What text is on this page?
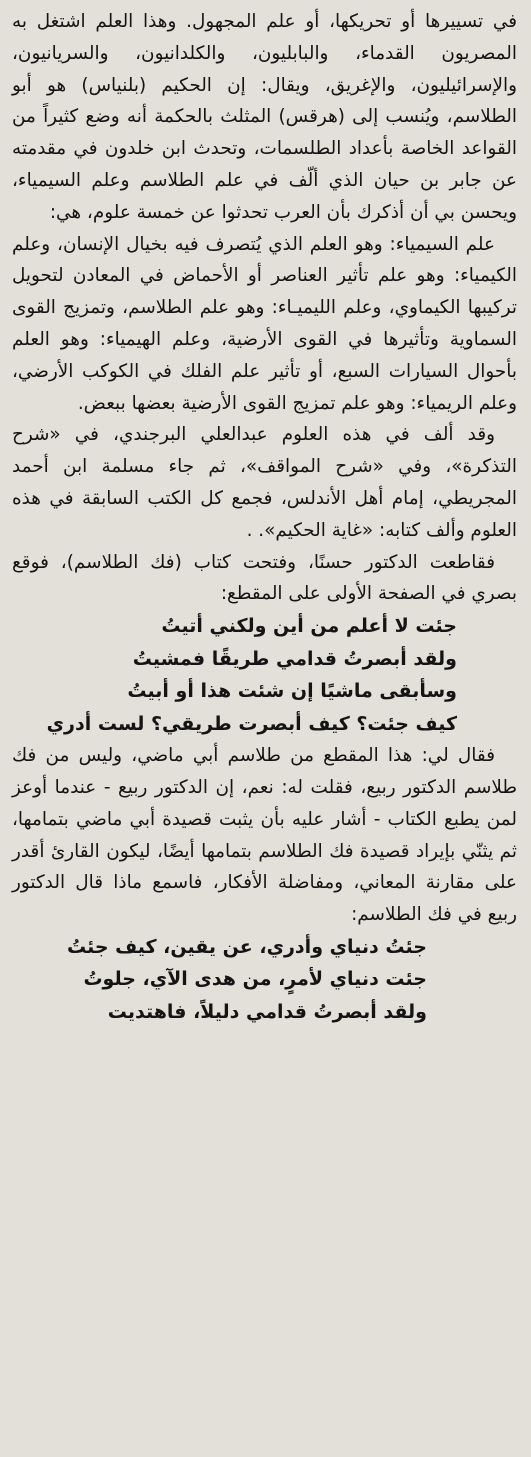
في تسييرها أو تحريكها، أو علم المجهول. وهذا العلم اشتغل به المصريون القدماء، والبابليون، والكلدانيون، والسريانيون، والإسرائيليون، والإغريق، ويقال: إن الحكيم (بلنياس) هو أبو الطلاسم، ويُنسب إلى (هرقس) المثلث بالحكمة أنه وضع كثيراً من القواعد الخاصة بأعداد الطلسمات، وتحدث ابن خلدون في مقدمته عن جابر بن حيان الذي ألّف في علم الطلاسم وعلم السيمياء، ويحسن بي أن أذكرك بأن العرب تحدثوا عن خمسة علوم، هي:

علم السيمياء: وهو العلم الذي يُتصرف فيه بخيال الإنسان، وعلم الكيمياء: وهو علم تأثير العناصر أو الأحماض في المعادن لتحويل تركيبها الكيماوي، وعلم الليميـاء: وهو علم الطلاسم، وتمزيج القوى السماوية وتأثيرها في القوى الأرضية، وعلم الهيمياء: وهو العلم بأحوال السيارات السبع، أو تأثير علم الفلك في الكوكب الأرضي، وعلم الريمياء: وهو علم تمزيج القوى الأرضية بعضها ببعض.

وقد ألف في هذه العلوم عبدالعلي البرجندي، في «شرح التذكرة»، وفي «شرح المواقف»، ثم جاء مسلمة ابن أحمد المجريطي، إمام أهل الأندلس، فجمع كل الكتب السابقة في هذه العلوم وألف كتابه: «غاية الحكيم». .

فقاطعت الدكتور حسنًا، وفتحت كتاب (فك الطلاسم)، فوقع بصري في الصفحة الأولى على المقطع:

جئت لا أعلم من أين ولكني أتيتُ

ولقد أبصرتُ قدامي طريقًا فمشيتُ

وسأبقى ماشيًا إن شئت هذا أو أبيتُ

كيف جئت؟ كيف أبصرت طريقي؟ لست أدري

فقال لي: هذا المقطع من طلاسم أبي ماضي، وليس من فك طلاسم الدكتور ربيع، فقلت له: نعم، إن الدكتور ربيع - عندما أوعز لمن يطبع الكتاب - أشار عليه بأن يثبت قصيدة أبي ماضي بتمامها، ثم يثنّي بإيراد قصيدة فك الطلاسم بتمامها أيضًا، ليكون القارئ أقدر على مقارنة المعاني، ومفاضلة الأفكار، فاسمع ماذا قال الدكتور ربيع في فك الطلاسم:

جئتُ دنياي وأدري، عن يقين، كيف جئتُ

جئت دنياي لأمرٍ، من هدى الآي، جلوتُ

ولقد أبصرتُ قدامي دليلاً، فاهتديت
